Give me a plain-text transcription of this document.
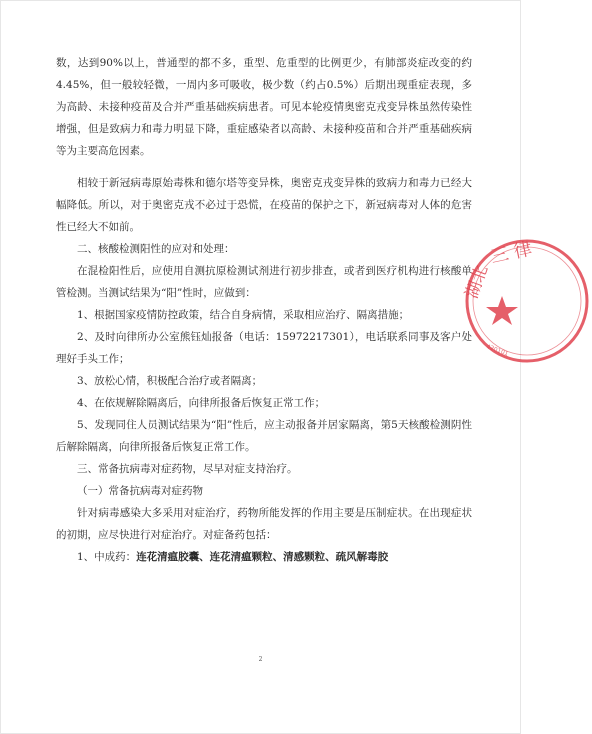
数，达到90%以上，普通型的都不多，重型、危重型的比例更少，有肺部炎症改变的约4.45%，但一般较轻微，一周内多可吸收，极少数（约占0.5%）后期出现重症表现，多为高龄、未接种疫苗及合并严重基础疾病患者。可见本轮疫情奥密克戎变异株虽然传染性增强，但是致病力和毒力明显下降，重症感染者以高龄、未接种疫苗和合并严重基础疾病等为主要高危因素。

相较于新冠病毒原始毒株和德尔塔等变异株，奥密克戎变异株的致病力和毒力已经大幅降低。所以，对于奥密克戎不必过于恐慌，在疫苗的保护之下，新冠病毒对人体的危害性已经大不如前。

二、核酸检测阳性的应对和处理：

在混检阳性后，应使用自测抗原检测试剂进行初步排查，或者到医疗机构进行核酸单管检测。当测试结果为“阳”性时，应做到：

1、根据国家疫情防控政策，结合自身病情，采取相应治疗、隔离措施；

2、及时向律所办公室熊钰灿报备（电话：15972217301），电话联系同事及客户处理好手头工作；

3、放松心情，积极配合治疗或者隔离；

4、在依规解除隔离后，向律所报备后恢复正常工作；

5、发现同住人员测试结果为“阳”性后，应主动报备并居家隔离，第5天核酸检测阴性后解除隔离，向律所报备后恢复正常工作。

三、常备抗病毒对症药物，尽早对症支持治疗。

（一）常备抗病毒对症药物

针对病毒感染大多采用对症治疗，药物所能发挥的作用主要是压制症状。在出现症状的初期，应尽快进行对症治疗。对症备药包括：

1、中成药：连花清瘟胶囊、连花清瘟颗粒、清感颗粒、疏风解毒胶

湖北
三 律
420101
2
